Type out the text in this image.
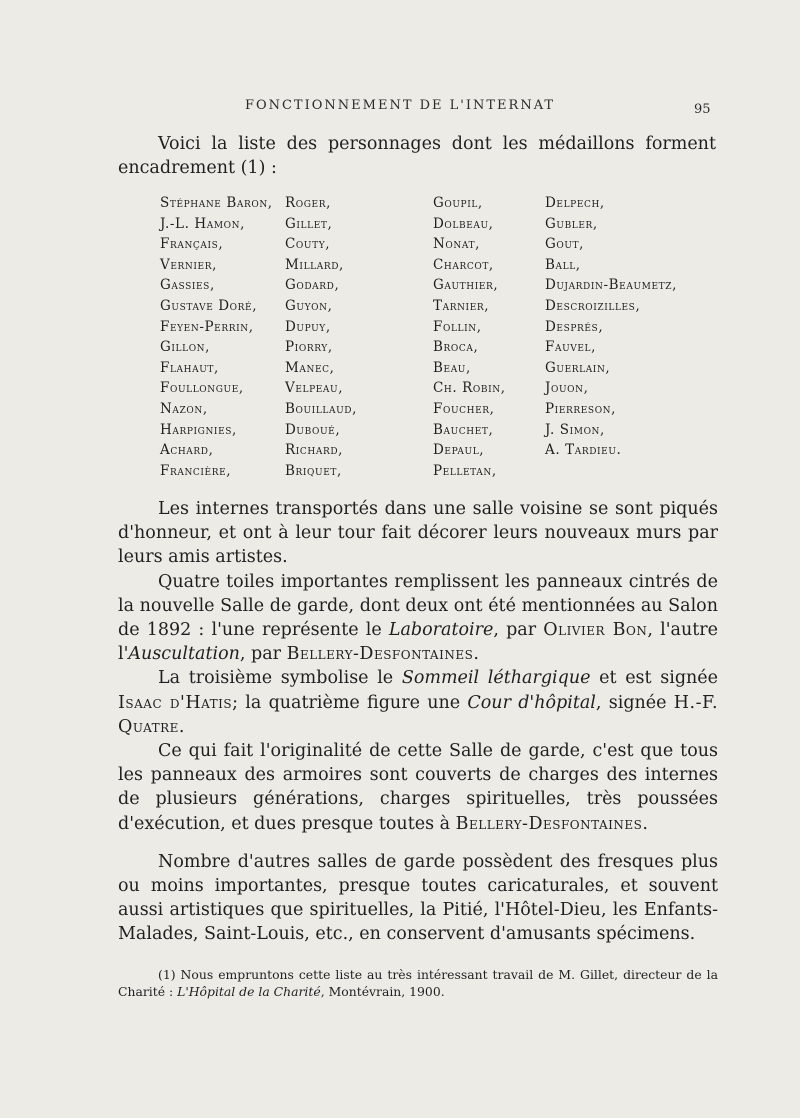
FONCTIONNEMENT DE L'INTERNAT	95
Voici la liste des personnages dont les médaillons forment encadrement (1) :
Stéphane Baron,
J.-L. Hamon,
Français,
Vernier,
Gassies,
Gustave Doré,
Feyen-Perrin,
Gillon,
Flahaut,
Foullongue,
Nazon,
Harpignies,
Achard,
Francière,
Roger,
Gillet,
Couty,
Millard,
Godard,
Guyon,
Dupuy,
Piorry,
Manec,
Velpeau,
Bouillaud,
Duboué,
Richard,
Briquet,
Goupil,
Dolbeau,
Nonat,
Charcot,
Gauthier,
Tarnier,
Follin,
Broca,
Beau,
Ch. Robin,
Foucher,
Bauchet,
Depaul,
Pelletan,
Delpech,
Gubler,
Gout,
Ball,
Dujardin-Beaumetz,
Descroizilles,
Després,
Fauvel,
Guerlain,
Jouon,
Pierreson,
J. Simon,
A. Tardieu.

Les internes transportés dans une salle voisine se sont piqués d'honneur, et ont à leur tour fait décorer leurs nouveaux murs par leurs amis artistes.

Quatre toiles importantes remplissent les panneaux cintrés de la nouvelle Salle de garde, dont deux ont été mentionnées au Salon de 1892 : l'une représente le Laboratoire, par Olivier Bon, l'autre l'Auscultation, par Bellery-Desfontaines.

La troisième symbolise le Sommeil léthargique et est signée Isaac d'Hatis; la quatrième figure une Cour d'hôpital, signée H.-F. Quatre.

Ce qui fait l'originalité de cette Salle de garde, c'est que tous les panneaux des armoires sont couverts de charges des internes de plusieurs générations, charges spirituelles, très poussées d'exécution, et dues presque toutes à Bellery-Desfontaines.

Nombre d'autres salles de garde possèdent des fresques plus ou moins importantes, presque toutes caricaturales, et souvent aussi artistiques que spirituelles, la Pitié, l'Hôtel-Dieu, les Enfants-Malades, Saint-Louis, etc., en conservent d'amusants spécimens.

(1) Nous empruntons cette liste au très intéressant travail de M. Gillet, directeur de la Charité : L'Hôpital de la Charité, Montévrain, 1900.
